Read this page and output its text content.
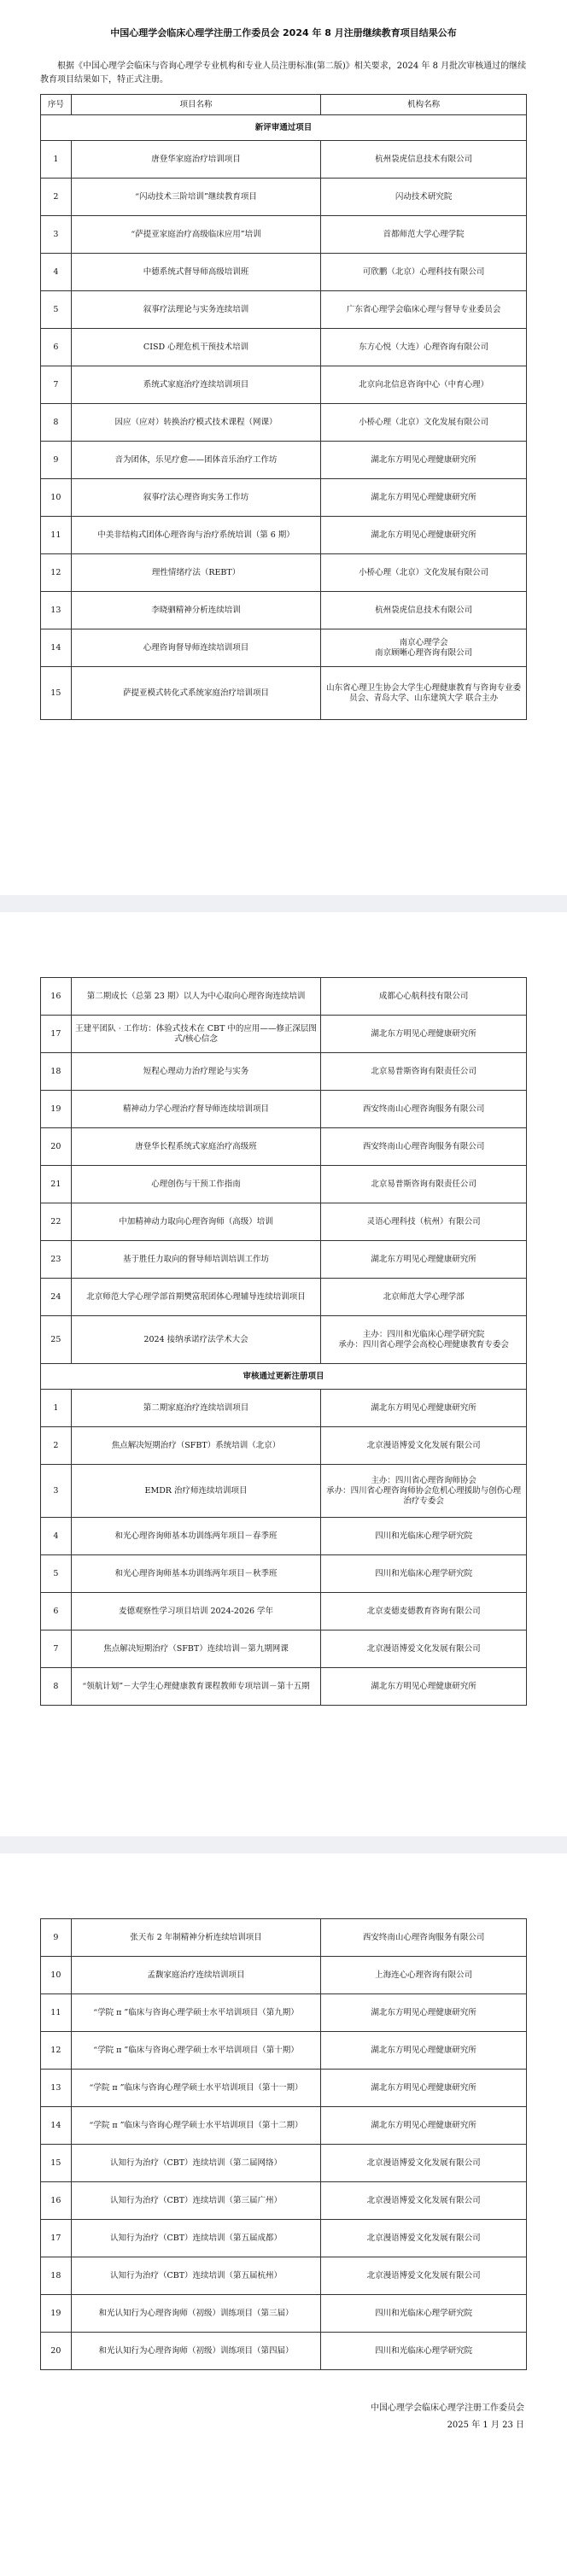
中国心理学会临床心理学注册工作委员会 2024 年 8 月注册继续教育项目结果公布
根据《中国心理学会临床与咨询心理学专业机构和专业人员注册标准(第二版)》相关要求，2024 年 8 月批次审核通过的继续教育项目结果如下，特正式注册。
序号	项目名称	机构名称
新评审通过项目		
1	唐登华家庭治疗培训项目	杭州袋虎信息技术有限公司
2	“闪动技术三阶培训”继续教育项目	闪动技术研究院
3	“萨提亚家庭治疗高级临床应用”培训	首都师范大学心理学院
4	中德系统式督导师高级培训班	可欣鹏（北京）心理科技有限公司
5	叙事疗法理论与实务连续培训	广东省心理学会临床心理与督导专业委员会
6	CISD 心理危机干预技术培训	东方心悦（大连）心理咨询有限公司
7	系统式家庭治疗连续培训项目	北京向北信息咨询中心（中育心理）
8	因应（应对）转换治疗模式技术课程（网课）	小桥心理（北京）文化发展有限公司
9	音为团体，乐见疗愈——团体音乐治疗工作坊	湖北东方明见心理健康研究所
10	叙事疗法心理咨询实务工作坊	湖北东方明见心理健康研究所
11	中美非结构式团体心理咨询与治疗系统培训（第 6 期）	湖北东方明见心理健康研究所
12	理性情绪疗法（REBT）	小桥心理（北京）文化发展有限公司
13	李晓驷精神分析连续培训	杭州袋虎信息技术有限公司
14	心理咨询督导师连续培训项目	南京心理学会
南京顾晰心理咨询有限公司
15	萨提亚模式转化式系统家庭治疗培训项目	山东省心理卫生协会大学生心理健康教育与咨询专业委员会、青岛大学、山东建筑大学 联合主办
16	第二期成长（总第 23 期）以人为中心取向心理咨询连续培训	成都心心航科技有限公司
17	王建平团队 · 工作坊：体验式技术在 CBT 中的应用——修正深层图式/核心信念	湖北东方明见心理健康研究所
18	短程心理动力治疗理论与实务	北京易普斯咨询有限责任公司
19	精神动力学心理治疗督导师连续培训项目	西安终南山心理咨询服务有限公司
20	唐登华长程系统式家庭治疗高级班	西安终南山心理咨询服务有限公司
21	心理创伤与干预工作指南	北京易普斯咨询有限责任公司
22	中加精神动力取向心理咨询师（高级）培训	灵语心理科技（杭州）有限公司
23	基于胜任力取向的督导师培训培训工作坊	湖北东方明见心理健康研究所
24	北京师范大学心理学部首期樊富珉团体心理辅导连续培训项目	北京师范大学心理学部
25	2024 接纳承诺疗法学术大会	主办：四川和光临床心理学研究院
承办：四川省心理学会高校心理健康教育专委会
审核通过更新注册项目		
1	第二期家庭治疗连续培训项目	湖北东方明见心理健康研究所
2	焦点解决短期治疗（SFBT）系统培训（北京）	北京漫语博爱文化发展有限公司
3	EMDR 治疗师连续培训项目	主办：四川省心理咨询师协会
承办：四川省心理咨询师协会危机心理援助与创伤心理治疗专委会
4	和光心理咨询师基本功训练两年项目－春季班	四川和光临床心理学研究院
5	和光心理咨询师基本功训练两年项目－秋季班	四川和光临床心理学研究院
6	麦德观察性学习项目培训 2024-2026 学年	北京麦德麦德教育咨询有限公司
7	焦点解决短期治疗（SFBT）连续培训－第九期网课	北京漫语博爱文化发展有限公司
8	“领航计划”－大学生心理健康教育课程教师专项培训－第十五期	湖北东方明见心理健康研究所
9	张天布 2 年制精神分析连续培训项目	西安终南山心理咨询服务有限公司
10	孟馥家庭治疗连续培训项目	上海连心心理咨询有限公司
11	“学院 π ”临床与咨询心理学硕士水平培训项目（第九期）	湖北东方明见心理健康研究所
12	“学院 π ”临床与咨询心理学硕士水平培训项目（第十期）	湖北东方明见心理健康研究所
13	“学院 π ”临床与咨询心理学硕士水平培训项目（第十一期）	湖北东方明见心理健康研究所
14	“学院 π ”临床与咨询心理学硕士水平培训项目（第十二期）	湖北东方明见心理健康研究所
15	认知行为治疗（CBT）连续培训（第二届网络）	北京漫语博爱文化发展有限公司
16	认知行为治疗（CBT）连续培训（第三届广州）	北京漫语博爱文化发展有限公司
17	认知行为治疗（CBT）连续培训（第五届成都）	北京漫语博爱文化发展有限公司
18	认知行为治疗（CBT）连续培训（第五届杭州）	北京漫语博爱文化发展有限公司
19	和光认知行为心理咨询师（初级）训练项目（第三届）	四川和光临床心理学研究院
20	和光认知行为心理咨询师（初级）训练项目（第四届）	四川和光临床心理学研究院
中国心理学会临床心理学注册工作委员会
2025 年 1 月 23 日
